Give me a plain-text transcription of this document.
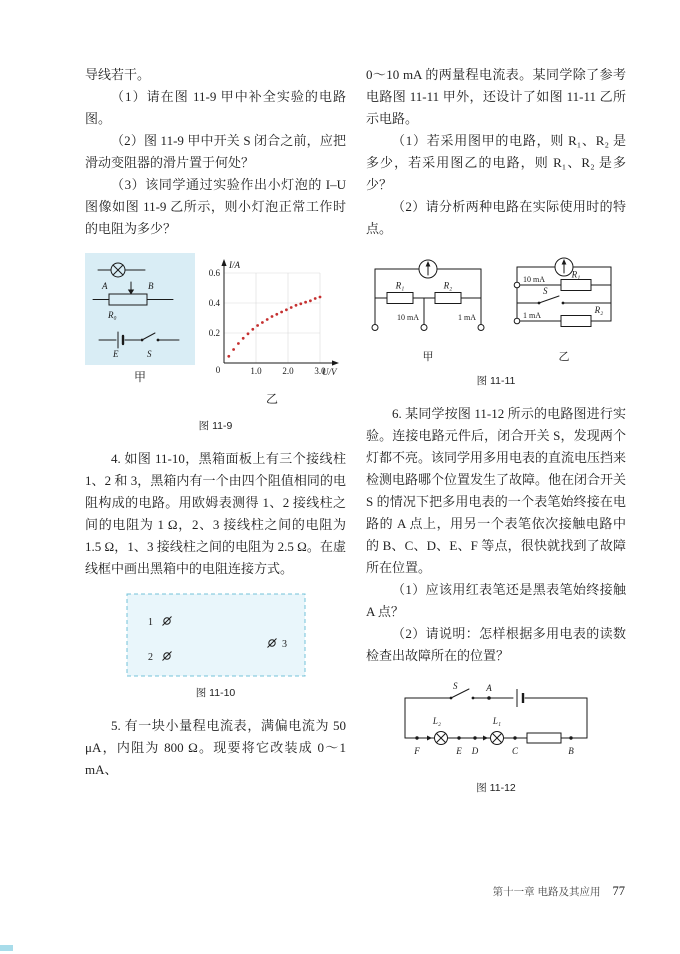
导线若干。

（1）请在图 11-9 甲中补全实验的电路图。

（2）图 11-9 甲中开关 S 闭合之前，应把滑动变阻器的滑片置于何处？

（3）该同学通过实验作出小灯泡的 I–U 图像如图 11-9 乙所示，则小灯泡正常工作时的电阻为多少？

A	B
R₀
E	S
甲
I/A
U/V
0
0.2
0.4
0.6
1.0 2.0 3.0
乙
图 11-9

4. 如图 11-10，黑箱面板上有三个接线柱 1、2 和 3，黑箱内有一个由四个阻值相同的电阻构成的电路。用欧姆表测得 1、2 接线柱之间的电阻为 1 Ω，2、3 接线柱之间的电阻为 1.5 Ω，1、3 接线柱之间的电阻为 2.5 Ω。在虚线框中画出黑箱中的电阻连接方式。

1
2
3
图 11-10

5. 有一块小量程电流表，满偏电流为 50 μA，内阻为 800 Ω。现要将它改装成 0～1 mA、

0～10 mA 的两量程电流表。某同学除了参考电路图 11-11 甲外，还设计了如图 11-11 乙所示电路。

（1）若采用图甲的电路，则 R₁、R₂ 是多少，若采用图乙的电路，则 R₁、R₂ 是多少？

（2）请分析两种电路在实际使用时的特点。

R₁	R₂
10 mA	1 mA
甲
S
R₁
R₂
10 mA
1 mA
乙
图 11-11

6. 某同学按图 11-12 所示的电路图进行实验。连接电路元件后，闭合开关 S，发现两个灯都不亮。该同学用多用电表的直流电压挡来检测电路哪个位置发生了故障。他在闭合开关 S 的情况下把多用电表的一个表笔始终接在电路的 A 点上，用另一个表笔依次接触电路中的 B、C、D、E、F 等点，很快就找到了故障所在位置。

（1）应该用红表笔还是黑表笔始终接触 A 点？

（2）请说明：怎样根据多用电表的读数检查出故障所在的位置？

S	A
L₂	L₁
F	E D	C	B
图 11-12
第十一章 电路及其应用 77
